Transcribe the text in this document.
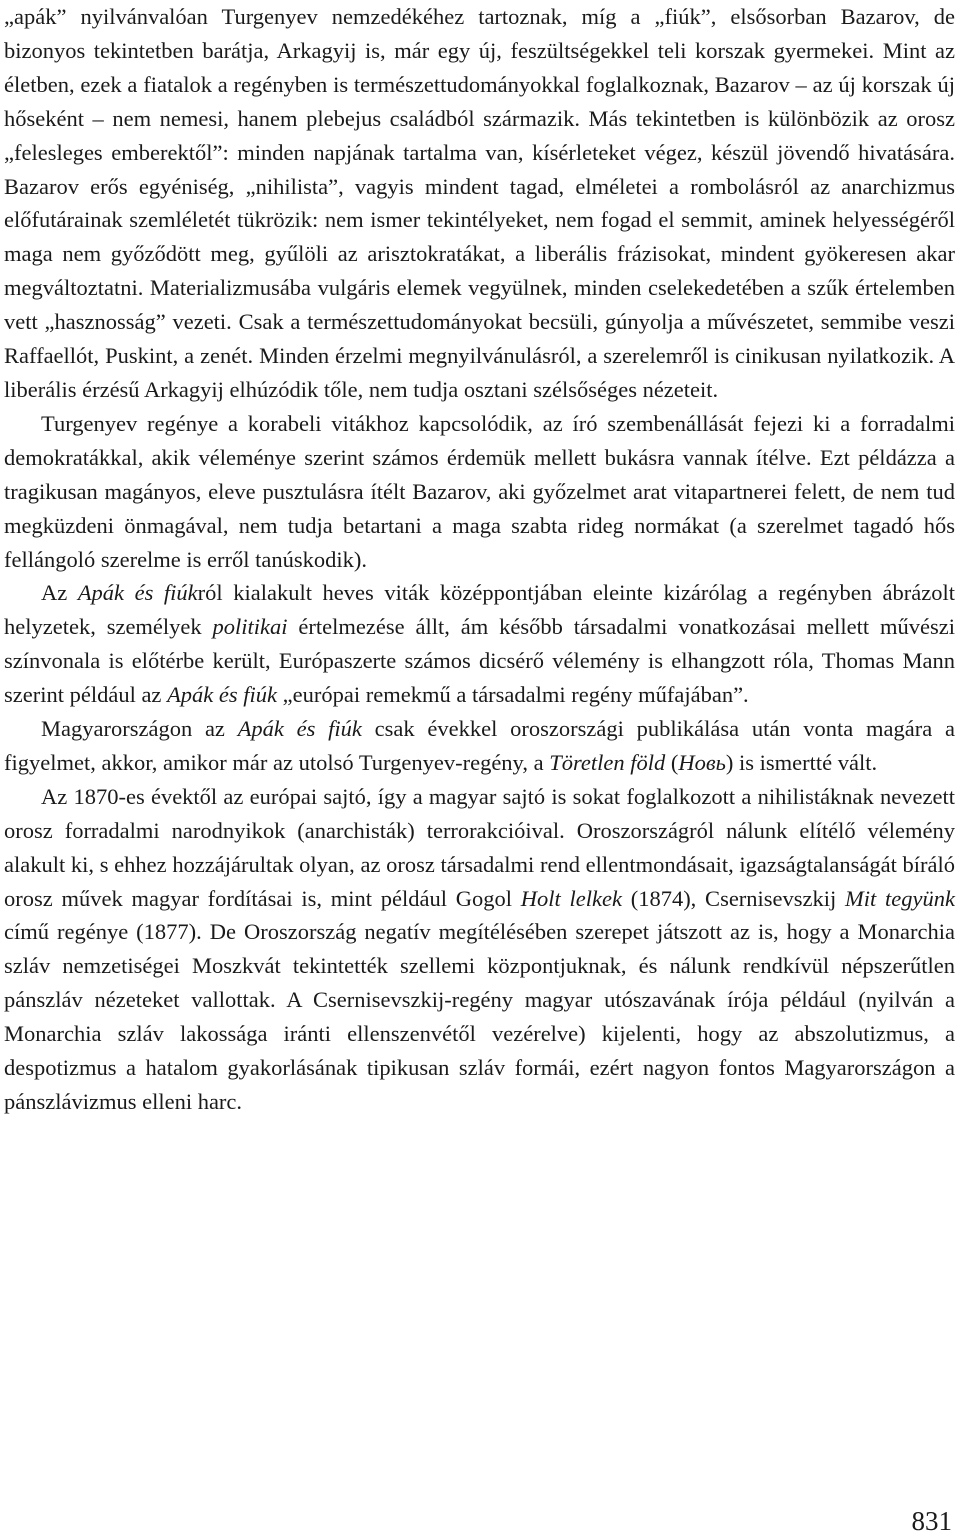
„apák” nyilvánvalóan Turgenyev nemzedékéhez tartoznak, míg a „fiúk”, elsősorban Bazarov, de bizonyos tekintetben barátja, Arkagyij is, már egy új, feszültségekkel teli korszak gyermekei. Mint az életben, ezek a fiatalok a regényben is természettudományokkal foglalkoznak, Bazarov – az új korszak új hőseként – nem nemesi, hanem plebejus családból származik. Más tekintetben is különbözik az orosz „felesleges emberektől”: minden napjának tartalma van, kísérleteket végez, készül jövendő hivatására. Bazarov erős egyéniség, „nihilista”, vagyis mindent tagad, elméletei a rombolásról az anarchizmus előfutárainak szemléletét tükrözik: nem ismer tekintélyeket, nem fogad el semmit, aminek helyességéről maga nem győződött meg, gyűlöli az arisztokratákat, a liberális frázisokat, mindent gyökeresen akar megváltoztatni. Materializmusába vulgáris elemek vegyülnek, minden cselekedetében a szűk értelemben vett „hasznosság” vezeti. Csak a természettudományokat becsüli, gúnyolja a művészetet, semmibe veszi Raffaellót, Puskint, a zenét. Minden érzelmi megnyilvánulásról, a szerelemről is cinikusan nyilatkozik. A liberális érzésű Arkagyij elhúzódik tőle, nem tudja osztani szélsőséges nézeteit.

Turgenyev regénye a korabeli vitákhoz kapcsolódik, az író szembenállását fejezi ki a forradalmi demokratákkal, akik véleménye szerint számos érdemük mellett bukásra vannak ítélve. Ezt példázza a tragikusan magányos, eleve pusztulásra ítélt Bazarov, aki győzelmet arat vitapartnerei felett, de nem tud megküzdeni önmagával, nem tudja betartani a maga szabta rideg normákat (a szerelmet tagadó hős fellángoló szerelme is erről tanúskodik).

Az Apák és fiúkról kialakult heves viták középpontjában eleinte kizárólag a regényben ábrázolt helyzetek, személyek politikai értelmezése állt, ám később társadalmi vonatkozásai mellett művészi színvonala is előtérbe került, Európaszerte számos dicsérő vélemény is elhangzott róla, Thomas Mann szerint például az Apák és fiúk „európai remekmű a társadalmi regény műfajában”.

Magyarországon az Apák és fiúk csak évekkel oroszországi publikálása után vonta magára a figyelmet, akkor, amikor már az utolsó Turgenyev-regény, a Töretlen föld (Новь) is ismertté vált.

Az 1870-es évektől az európai sajtó, így a magyar sajtó is sokat foglalkozott a nihilistáknak nevezett orosz forradalmi narodnyikok (anarchisták) terrorakcióival. Oroszországról nálunk elítélő vélemény alakult ki, s ehhez hozzájárultak olyan, az orosz társadalmi rend ellentmondásait, igazságtalanságát bíráló orosz művek magyar fordításai is, mint például Gogol Holt lelkek (1874), Csernisevszkij Mit tegyünk című regénye (1877). De Oroszország negatív megítélésében szerepet játszott az is, hogy a Monarchia szláv nemzetiségei Moszkvát tekintették szellemi központjuknak, és nálunk rendkívül népszerűtlen pánszláv nézeteket vallottak. A Csernisevszkij-regény magyar utószavának írója például (nyilván a Monarchia szláv lakossága iránti ellenszenvétől vezérelve) kijelenti, hogy az abszolutizmus, a despotizmus a hatalom gyakorlásának tipikusan szláv formái, ezért nagyon fontos Magyarországon a pánszlávizmus elleni harc.

831
